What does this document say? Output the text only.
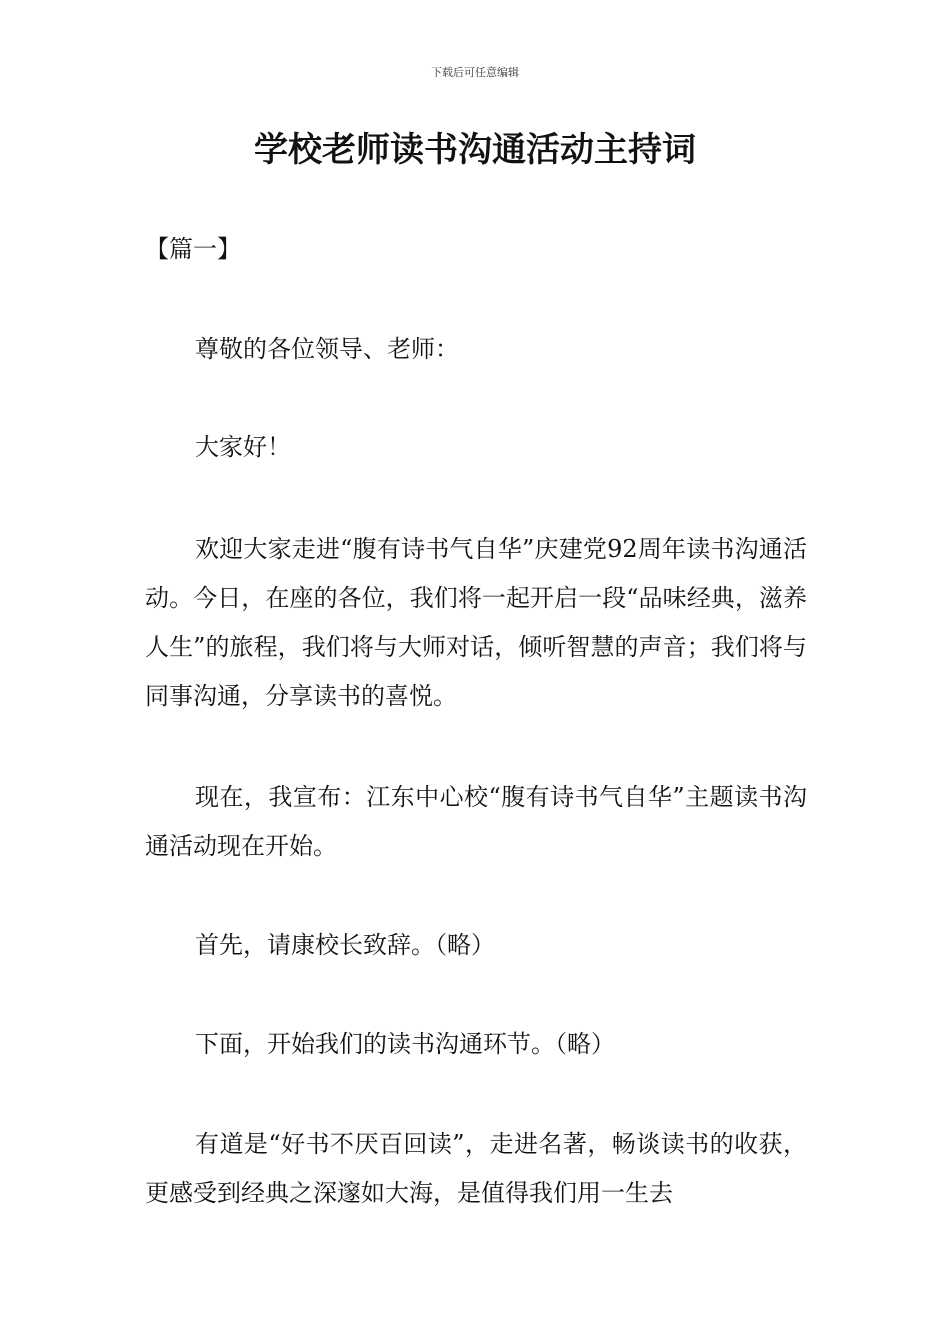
下载后可任意编辑
学校老师读书沟通活动主持词
【篇一】

尊敬的各位领导、老师：

大家好！

欢迎大家走进“腹有诗书气自华”庆建党92周年读书沟通活动。今日，在座的各位，我们将一起开启一段“品味经典，滋养人生”的旅程，我们将与大师对话，倾听智慧的声音；我们将与同事沟通，分享读书的喜悦。

现在，我宣布：江东中心校“腹有诗书气自华”主题读书沟通活动现在开始。

首先，请康校长致辞。（略）

下面，开始我们的读书沟通环节。（略）

有道是“好书不厌百回读”，走进名著，畅谈读书的收获，更感受到经典之深邃如大海，是值得我们用一生去
